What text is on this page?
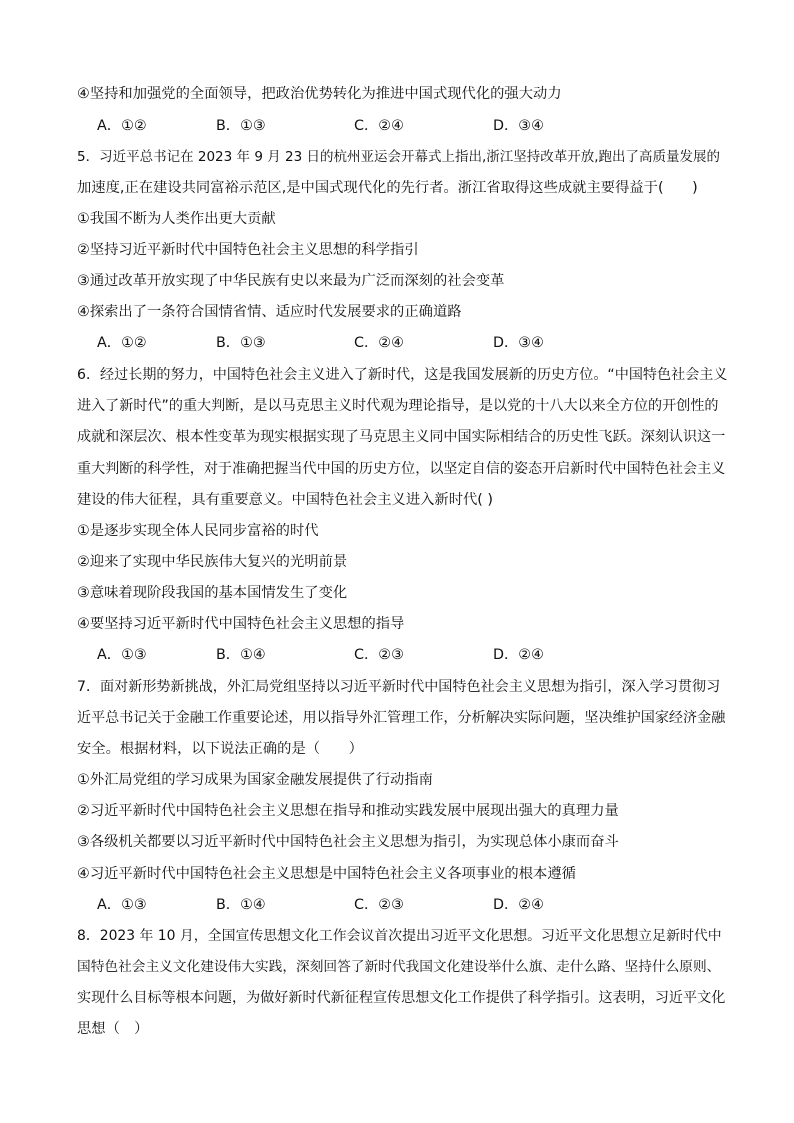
④坚持和加强党的全面领导，把政治优势转化为推进中国式现代化的强大动力
A．①②	B．①③	C．②④	D．③④
5．习近平总书记在 2023 年 9 月 23 日的杭州亚运会开幕式上指出,浙江坚持改革开放,跑出了高质量发展的
加速度,正在建设共同富裕示范区,是中国式现代化的先行者。浙江省取得这些成就主要得益于(　　)
①我国不断为人类作出更大贡献
②坚持习近平新时代中国特色社会主义思想的科学指引
③通过改革开放实现了中华民族有史以来最为广泛而深刻的社会变革
④探索出了一条符合国情省情、适应时代发展要求的正确道路
A．①②	B．①③	C．②④	D．③④
6．经过长期的努力，中国特色社会主义进入了新时代，这是我国发展新的历史方位。“中国特色社会主义
进入了新时代”的重大判断，是以马克思主义时代观为理论指导，是以党的十八大以来全方位的开创性的
成就和深层次、根本性变革为现实根据实现了马克思主义同中国实际相结合的历史性飞跃。深刻认识这一
重大判断的科学性，对于准确把握当代中国的历史方位，以坚定自信的姿态开启新时代中国特色社会主义
建设的伟大征程，具有重要意义。中国特色社会主义进入新时代( )
①是逐步实现全体人民同步富裕的时代
②迎来了实现中华民族伟大复兴的光明前景
③意味着现阶段我国的基本国情发生了变化
④要坚持习近平新时代中国特色社会主义思想的指导
A．①③	B．①④	C．②③	D．②④
7．面对新形势新挑战，外汇局党组坚持以习近平新时代中国特色社会主义思想为指引，深入学习贯彻习
近平总书记关于金融工作重要论述，用以指导外汇管理工作，分析解决实际问题，坚决维护国家经济金融
安全。根据材料，以下说法正确的是（　　）
①外汇局党组的学习成果为国家金融发展提供了行动指南
②习近平新时代中国特色社会主义思想在指导和推动实践发展中展现出强大的真理力量
③各级机关都要以习近平新时代中国特色社会主义思想为指引，为实现总体小康而奋斗
④习近平新时代中国特色社会主义思想是中国特色社会主义各项事业的根本遵循
A．①③	B．①④	C．②③	D．②④
8．2023 年 10 月，全国宣传思想文化工作会议首次提出习近平文化思想。习近平文化思想立足新时代中
国特色社会主义文化建设伟大实践，深刻回答了新时代我国文化建设举什么旗、走什么路、坚持什么原则、
实现什么目标等根本问题，为做好新时代新征程宣传思想文化工作提供了科学指引。这表明，习近平文化
思想（　）
